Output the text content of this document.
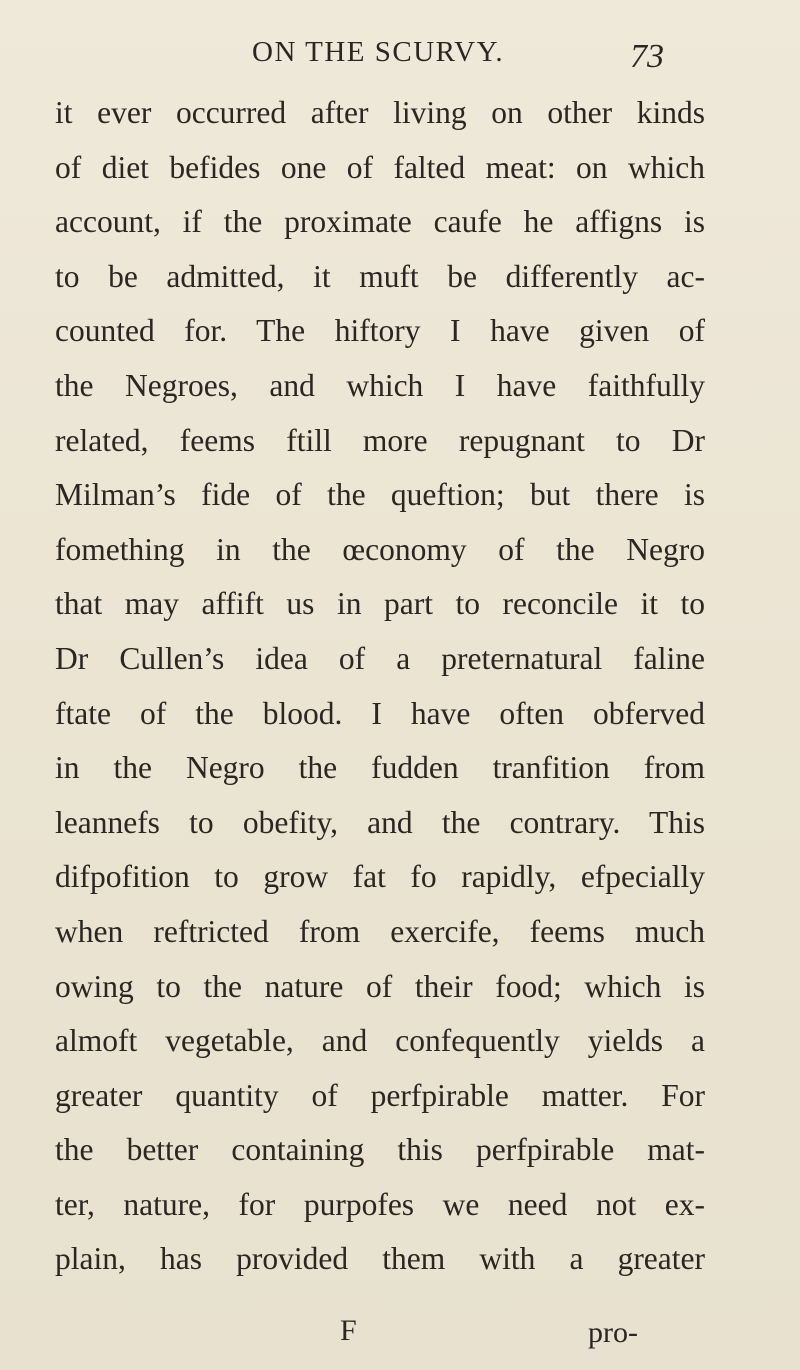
ON THE SCURVY.	73
it ever occurred after living on other kinds
of diet befides one of falted meat: on which
account, if the proximate caufe he affigns is
to be admitted, it muft be differently ac-
counted for. The hiftory I have given of
the Negroes, and which I have faithfully
related, feems ftill more repugnant to Dr
Milman’s fide of the queftion; but there is
fomething in the œconomy of the Negro
that may affift us in part to reconcile it to
Dr Cullen’s idea of a preternatural faline
ftate of the blood. I have often obferved
in the Negro the fudden tranfition from
leannefs to obefity, and the contrary. This
difpofition to grow fat fo rapidly, efpecially
when reftricted from exercife, feems much
owing to the nature of their food; which is
almoft vegetable, and confequently yields a
greater quantity of perfpirable matter. For
the better containing this perfpirable mat-
ter, nature, for purpofes we need not ex-
plain, has provided them with a greater
F	pro-
